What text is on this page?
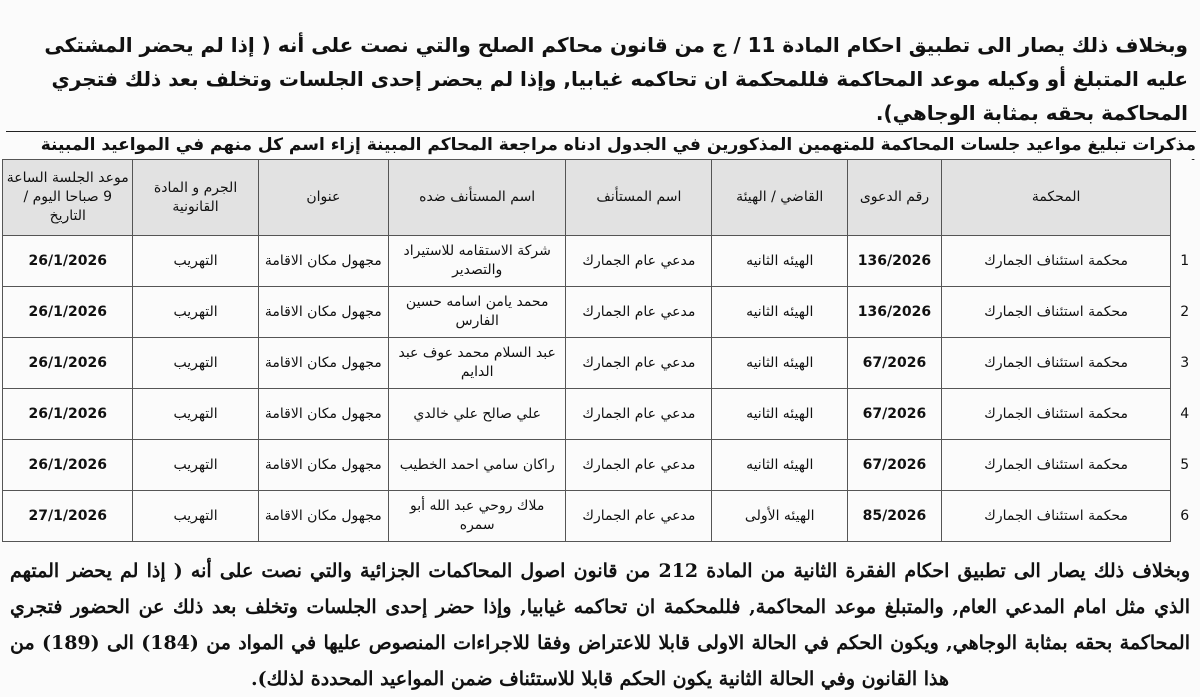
وبخلاف ذلك يصار الى تطبيق احكام المادة 11 / ج من قانون محاكم الصلح والتي نصت على أنه ( إذا لم يحضر المشتكى عليه المتبلغ أو وكيله موعد المحاكمة فللمحكمة ان تحاكمه غيابيا, وإذا لم يحضر إحدى الجلسات وتخلف بعد ذلك فتجري المحاكمة بحقه بمثابة الوجاهي).
مذكرات تبليغ مواعيد جلسات المحاكمة للمتهمين المذكورين في الجدول ادناه مراجعة المحاكم المبينة إزاء اسم كل منهم في المواعيد المبينة
	المحكمة	رقم الدعوى	القاضي / الهيئة	اسم المستأنف	اسم المستأنف ضده	عنوان	الجرم و المادة القانونية	موعد الجلسة الساعة 9 صباحا اليوم / التاريخ
1	محكمة استئناف الجمارك	136/2026	الهيئه الثانيه	مدعي عام الجمارك	شركة الاستقامه للاستيراد والتصدير	مجهول مكان الاقامة	التهريب	26/1/2026
2	محكمة استئناف الجمارك	136/2026	الهيئه الثانيه	مدعي عام الجمارك	محمد يامن اسامه حسين الفارس	مجهول مكان الاقامة	التهريب	26/1/2026
3	محكمة استئناف الجمارك	67/2026	الهيئه الثانيه	مدعي عام الجمارك	عبد السلام محمد عوف عبد الدايم	مجهول مكان الاقامة	التهريب	26/1/2026
4	محكمة استئناف الجمارك	67/2026	الهيئه الثانيه	مدعي عام الجمارك	علي صالح علي خالدي	مجهول مكان الاقامة	التهريب	26/1/2026
5	محكمة استئناف الجمارك	67/2026	الهيئه الثانيه	مدعي عام الجمارك	راكان سامي احمد الخطيب	مجهول مكان الاقامة	التهريب	26/1/2026
6	محكمة استئناف الجمارك	85/2026	الهيئه الأولى	مدعي عام الجمارك	ملاك روحي عبد الله أبو سمره	مجهول مكان الاقامة	التهريب	27/1/2026
وبخلاف ذلك يصار الى تطبيق احكام الفقرة الثانية من المادة 212 من قانون اصول المحاكمات الجزائية والتي نصت على أنه ( إذا لم يحضر المتهم الذي مثل امام المدعي العام, والمتبلغ موعد المحاكمة, فللمحكمة ان تحاكمه غيابيا, وإذا حضر إحدى الجلسات وتخلف بعد ذلك عن الحضور فتجري المحاكمة بحقه بمثابة الوجاهي, ويكون الحكم في الحالة الاولى قابلا للاعتراض وفقا للاجراءات المنصوص عليها في المواد من (184) الى (189) من هذا القانون وفي الحالة الثانية يكون الحكم قابلا للاستئناف ضمن المواعيد المحددة لذلك).
